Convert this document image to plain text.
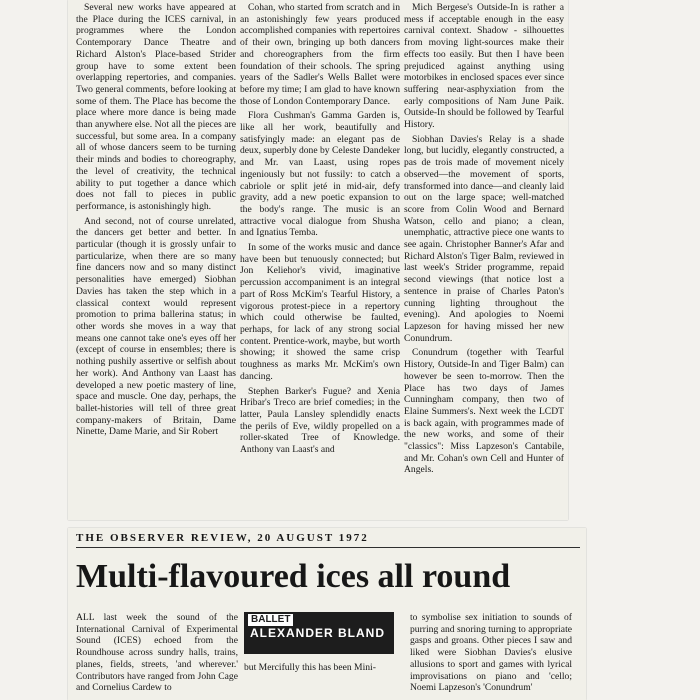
Several new works have appeared at the Place during the ICES carnival, in programmes where the London Contemporary Dance Theatre and Richard Alston's Place-based Strider group have to some extent been overlapping repertories, and companies. Two general comments, before looking at some of them. The Place has become the place where more dance is being made than anywhere else. Not all the pieces are successful, but some area. In a company all of whose dancers seem to be turning their minds and bodies to choreography, the level of creativity, the technical ability to put together a dance which does not fall to pieces in public performance, is astonishingly high.

And second, not of course unrelated, the dancers get better and better. In particular (though it is grossly unfair to particularize, when there are so many fine dancers now and so many distinct personalities have emerged) Siobhan Davies has taken the step which in a classical context would represent promotion to prima ballerina status; in other words she moves in a way that means one cannot take one's eyes off her (except of course in ensembles; there is nothing pushily assertive or selfish about her work). And Anthony van Laast has developed a new poetic mastery of line, space and muscle. One day, perhaps, the ballet-histories will tell of three great company-makers of Britain, Dame Ninette, Dame Marie, and Sir Robert

Cohan, who started from scratch and in an astonishingly few years produced accomplished companies with repertoires of their own, bringing up both dancers and choreographers from the firm foundation of their schools. The spring years of the Sadler's Wells Ballet were before my time; I am glad to have known those of London Contemporary Dance.

Flora Cushman's Gamma Garden is, like all her work, beautifully and satisfyingly made: an elegant pas de deux, superbly done by Celeste Dandeker and Mr. van Laast, using ropes ingeniously but not fussily: to catch a cabriole or split jeté in mid-air, defy gravity, add a new poetic expansion to the body's range. The music is an attractive vocal dialogue from Shusha and Ignatius Temba.

In some of the works music and dance have been but tenuously connected; but Jon Keliehor's vivid, imaginative percussion accompaniment is an integral part of Ross McKim's Tearful History, a vigorous protest-piece in a repertory which could otherwise be faulted, perhaps, for lack of any strong social content. Prentice-work, maybe, but worth showing; it showed the same crisp toughness as marks Mr. McKim's own dancing.

Stephen Barker's Fugue? and Xenia Hribar's Treco are brief comedies; in the latter, Paula Lansley splendidly enacts the perils of Eve, wildly propelled on a roller-skated Tree of Knowledge. Anthony van Laast's and

Mich Bergese's Outside-In is rather a mess if acceptable enough in the easy carnival context. Shadow - silhouettes from moving light-sources make their effects too easily. But then I have been prejudiced against anything using motorbikes in enclosed spaces ever since suffering near-asphyxiation from the early compositions of Nam June Paik. Outside-In should be followed by Tearful History.

Siobhan Davies's Relay is a shade long, but lucidly, elegantly constructed, a pas de trois made of movement nicely observed—the movement of sports, transformed into dance—and cleanly laid out on the large space; well-matched score from Colin Wood and Bernard Watson, cello and piano; a clean, unemphatic, attractive piece one wants to see again. Christopher Banner's Afar and Richard Alston's Tiger Balm, reviewed in last week's Strider programme, repaid second viewings (that notice lost a sentence in praise of Charles Paton's cunning lighting throughout the evening). And apologies to Noemi Lapzeson for having missed her new Conundrum.

Conundrum (together with Tearful History, Outside-In and Tiger Balm) can however be seen to-morrow. Then the Place has two days of James Cunningham company, then two of Elaine Summers's. Next week the LCDT is back again, with programmes made of the new works, and some of their "classics": Miss Lapzeson's Cantabile, and Mr. Cohan's own Cell and Hunter of Angels.

THE OBSERVER REVIEW, 20 AUGUST 1972
Multi-flavoured ices all round

ALL last week the sound of the International Carnival of Experimental Sound (ICES) echoed from the Roundhouse across sundry halls, trains, planes, fields, streets, 'and wherever.' Contributors have ranged from John Cage and Cornelius Cardew to

BALLET
ALEXANDER BLAND

but Mercifully this has been Mini-

to symbolise sex initiation to sounds of purring and snoring turning to appropriate gasps and groans. Other pieces I saw and liked were Siobhan Davies's elusive allusions to sport and games with lyrical improvisations on piano and 'cello; Noemi Lapzeson's 'Conundrum'
